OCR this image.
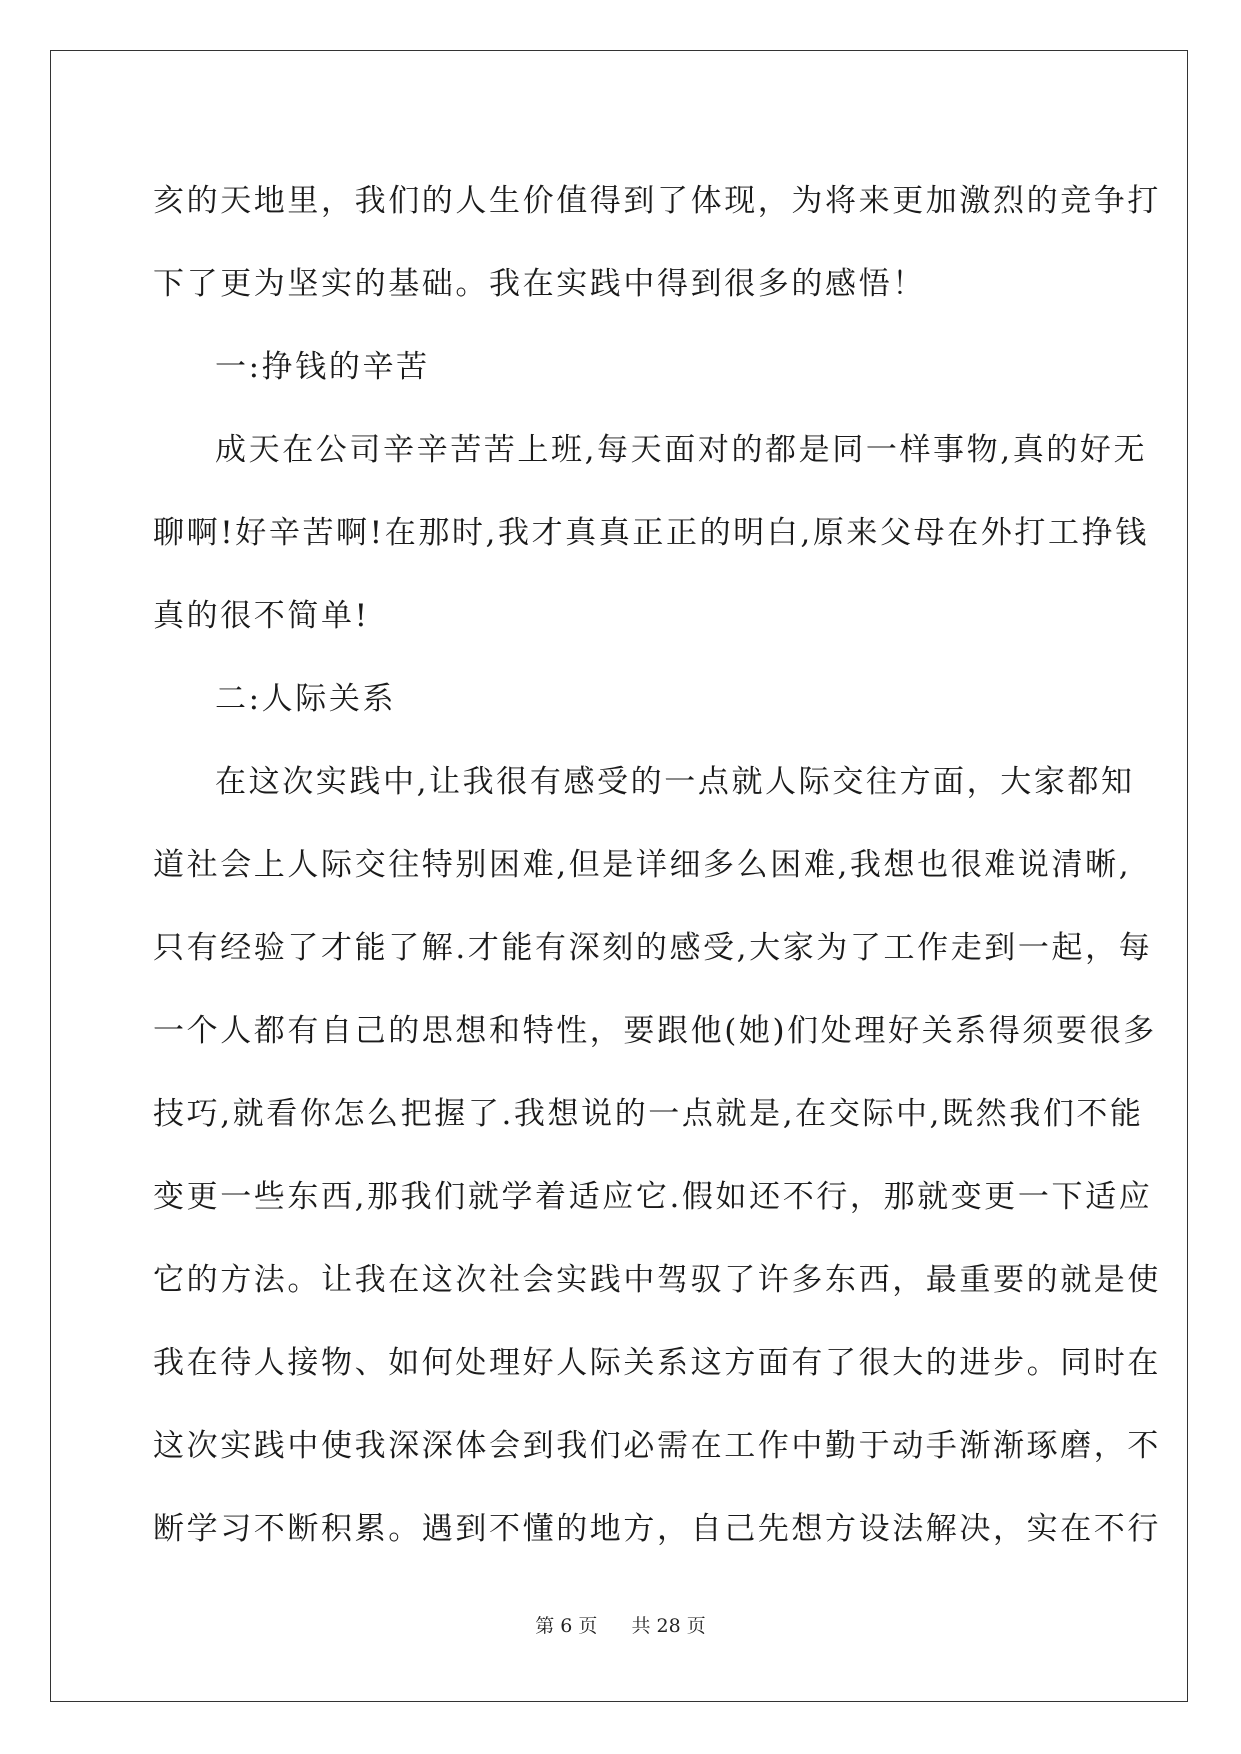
亥的天地里，我们的人生价值得到了体现，为将来更加激烈的竞争打
下了更为坚实的基础。我在实践中得到很多的感悟！

一:挣钱的辛苦

成天在公司辛辛苦苦上班,每天面对的都是同一样事物,真的好无
聊啊!好辛苦啊!在那时,我才真真正正的明白,原来父母在外打工挣钱
真的很不简单!

二:人际关系

在这次实践中,让我很有感受的一点就人际交往方面，大家都知
道社会上人际交往特别困难,但是详细多么困难,我想也很难说清晰,
只有经验了才能了解.才能有深刻的感受,大家为了工作走到一起，每
一个人都有自己的思想和特性，要跟他(她)们处理好关系得须要很多
技巧,就看你怎么把握了.我想说的一点就是,在交际中,既然我们不能
变更一些东西,那我们就学着适应它.假如还不行，那就变更一下适应
它的方法。让我在这次社会实践中驾驭了许多东西，最重要的就是使
我在待人接物、如何处理好人际关系这方面有了很大的进步。同时在
这次实践中使我深深体会到我们必需在工作中勤于动手渐渐琢磨，不
断学习不断积累。遇到不懂的地方，自己先想方设法解决，实在不行

第 6 页 共 28 页
